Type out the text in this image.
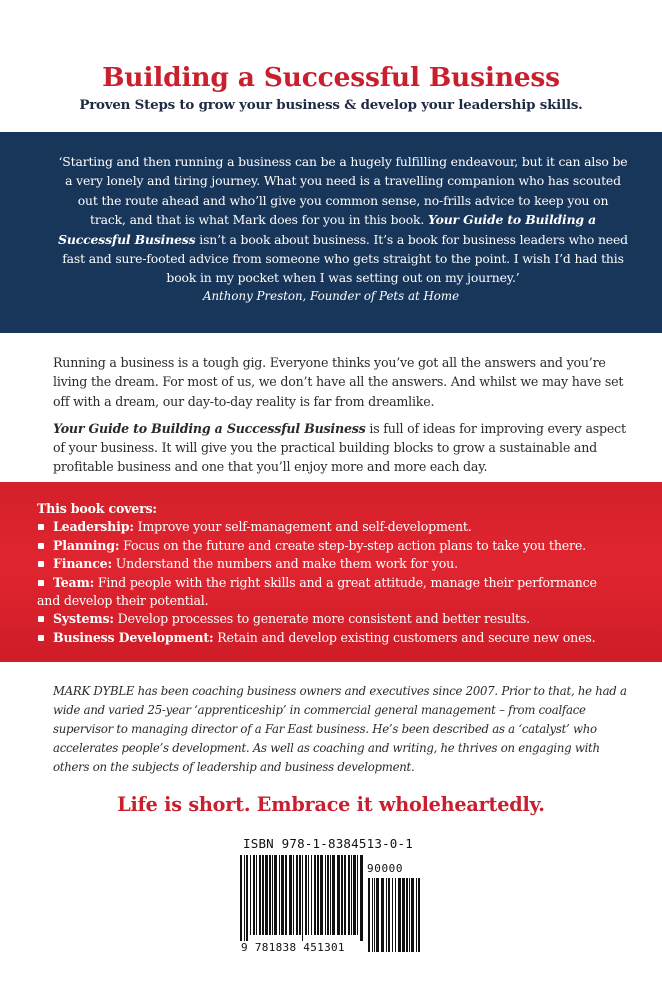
Building a Successful Business

Proven Steps to grow your business & develop your leadership skills.

‘Starting and then running a business can be a hugely fulfilling endeavour, but it can also be a very lonely and tiring journey. What you need is a travelling companion who has scouted out the route ahead and who’ll give you common sense, no-frills advice to keep you on track, and that is what Mark does for you in this book. Your Guide to Building a Successful Business isn’t a book about business. It’s a book for business leaders who need fast and sure-footed advice from someone who gets straight to the point. I wish I’d had this book in my pocket when I was setting out on my journey.’

Anthony Preston, Founder of Pets at Home

Running a business is a tough gig. Everyone thinks you’ve got all the answers and you’re living the dream. For most of us, we don’t have all the answers. And whilst we may have set off with a dream, our day-to-day reality is far from dreamlike.

Your Guide to Building a Successful Business is full of ideas for improving every aspect of your business. It will give you the practical building blocks to grow a sustainable and profitable business and one that you’ll enjoy more and more each day.

This book covers:

Leadership: Improve your self-management and self-development.
Planning: Focus on the future and create step-by-step action plans to take you there.
Finance: Understand the numbers and make them work for you.
Team: Find people with the right skills and a great attitude, manage their performance
and develop their potential.
Systems: Develop processes to generate more consistent and better results.
Business Development: Retain and develop existing customers and secure new ones.

MARK DYBLE has been coaching business owners and executives since 2007. Prior to that, he had a wide and varied 25-year ‘apprenticeship’ in commercial general management – from coalface supervisor to managing director of a Far East business. He’s been described as a ‘catalyst’ who accelerates people’s development. As well as coaching and writing, he thrives on engaging with others on the subjects of leadership and business development.

Life is short. Embrace it wholeheartedly.

ISBN 978-1-8384513-0-1

90000

9 781838 451301
